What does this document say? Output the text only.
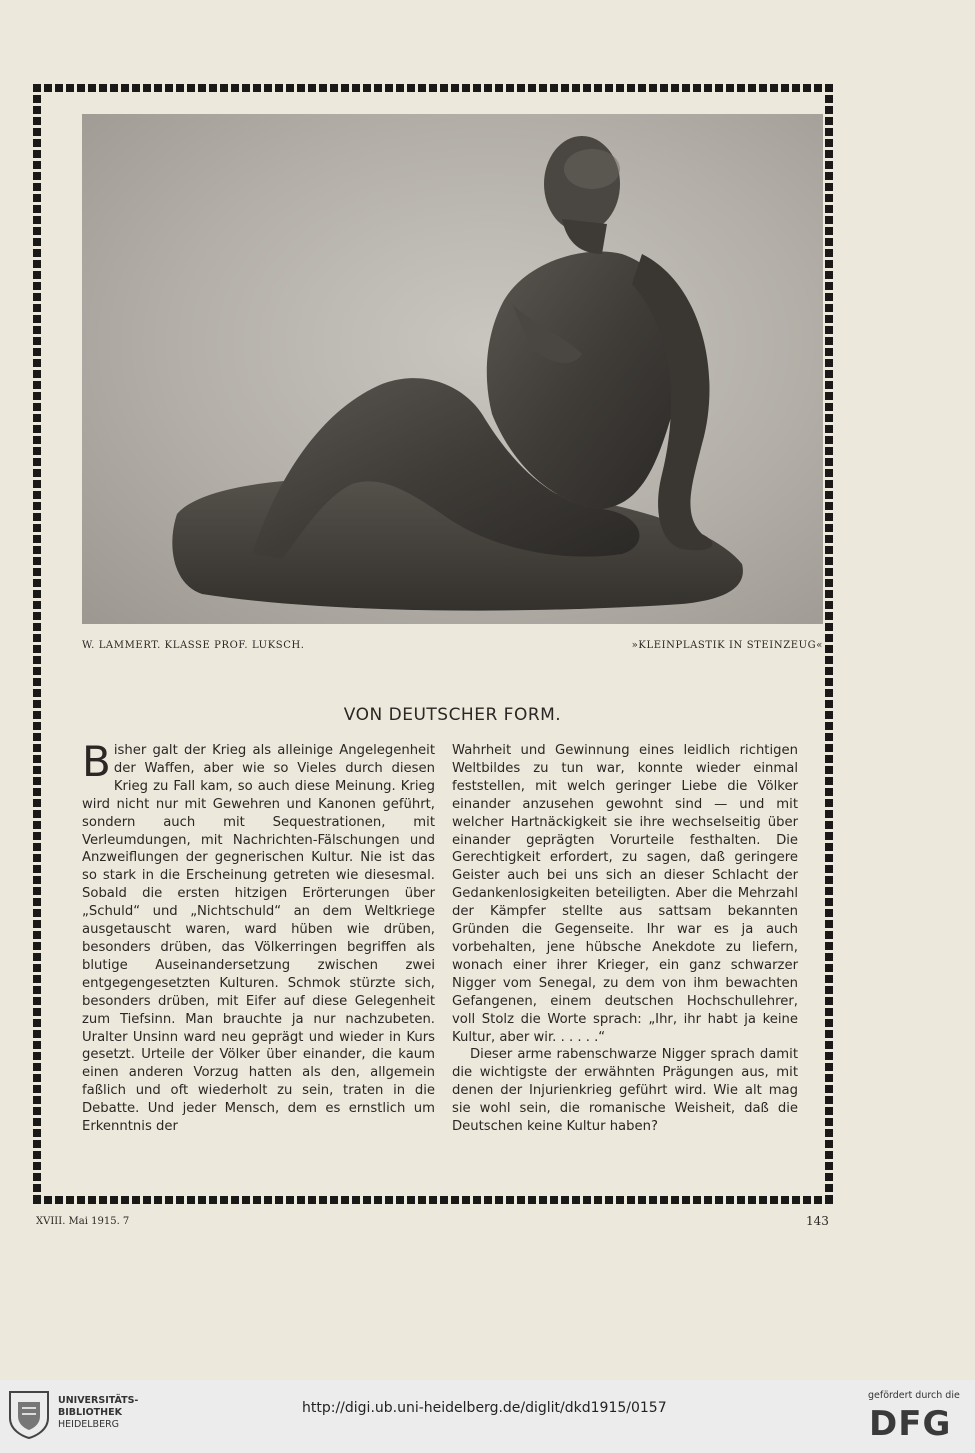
W. LAMMERT. KLASSE PROF. LUKSCH.	»KLEINPLASTIK IN STEINZEUG«
VON DEUTSCHER FORM.

Bisher galt der Krieg als alleinige Angelegenheit der Waffen, aber wie so Vieles durch diesen Krieg zu Fall kam, so auch diese Meinung. Krieg wird nicht nur mit Gewehren und Kanonen geführt, sondern auch mit Sequestrationen, mit Verleumdungen, mit Nachrichten-Fälschungen und Anzweiflungen der gegnerischen Kultur. Nie ist das so stark in die Erscheinung getreten wie diesesmal. Sobald die ersten hitzigen Erörterungen über „Schuld“ und „Nichtschuld“ an dem Weltkriege ausgetauscht waren, ward hüben wie drüben, besonders drüben, das Völkerringen begriffen als blutige Auseinandersetzung zwischen zwei entgegengesetzten Kulturen. Schmok stürzte sich, besonders drüben, mit Eifer auf diese Gelegenheit zum Tiefsinn. Man brauchte ja nur nachzubeten. Uralter Unsinn ward neu geprägt und wieder in Kurs gesetzt. Urteile der Völker über einander, die kaum einen anderen Vorzug hatten als den, allgemein faßlich und oft wiederholt zu sein, traten in die Debatte. Und jeder Mensch, dem es ernstlich um Erkenntnis der

Wahrheit und Gewinnung eines leidlich richtigen Weltbildes zu tun war, konnte wieder einmal feststellen, mit welch geringer Liebe die Völker einander anzusehen gewohnt sind — und mit welcher Hartnäckigkeit sie ihre wechselseitig über einander geprägten Vorurteile festhalten. Die Gerechtigkeit erfordert, zu sagen, daß geringere Geister auch bei uns sich an dieser Schlacht der Gedankenlosigkeiten beteiligten. Aber die Mehrzahl der Kämpfer stellte aus sattsam bekannten Gründen die Gegenseite. Ihr war es ja auch vorbehalten, jene hübsche Anekdote zu liefern, wonach einer ihrer Krieger, ein ganz schwarzer Nigger vom Senegal, zu dem von ihm bewachten Gefangenen, einem deutschen Hochschullehrer, voll Stolz die Worte sprach: „Ihr, ihr habt ja keine Kultur, aber wir. . . . . .“

Dieser arme rabenschwarze Nigger sprach damit die wichtigste der erwähnten Prägungen aus, mit denen der Injurienkrieg geführt wird. Wie alt mag sie wohl sein, die romanische Weisheit, daß die Deutschen keine Kultur haben?

XVIII. Mai 1915. 7	143
UNIVERSITÄTS-
BIBLIOTHEK
HEIDELBERG
http://digi.ub.uni-heidelberg.de/diglit/dkd1915/0157
gefördert durch die
DFG
